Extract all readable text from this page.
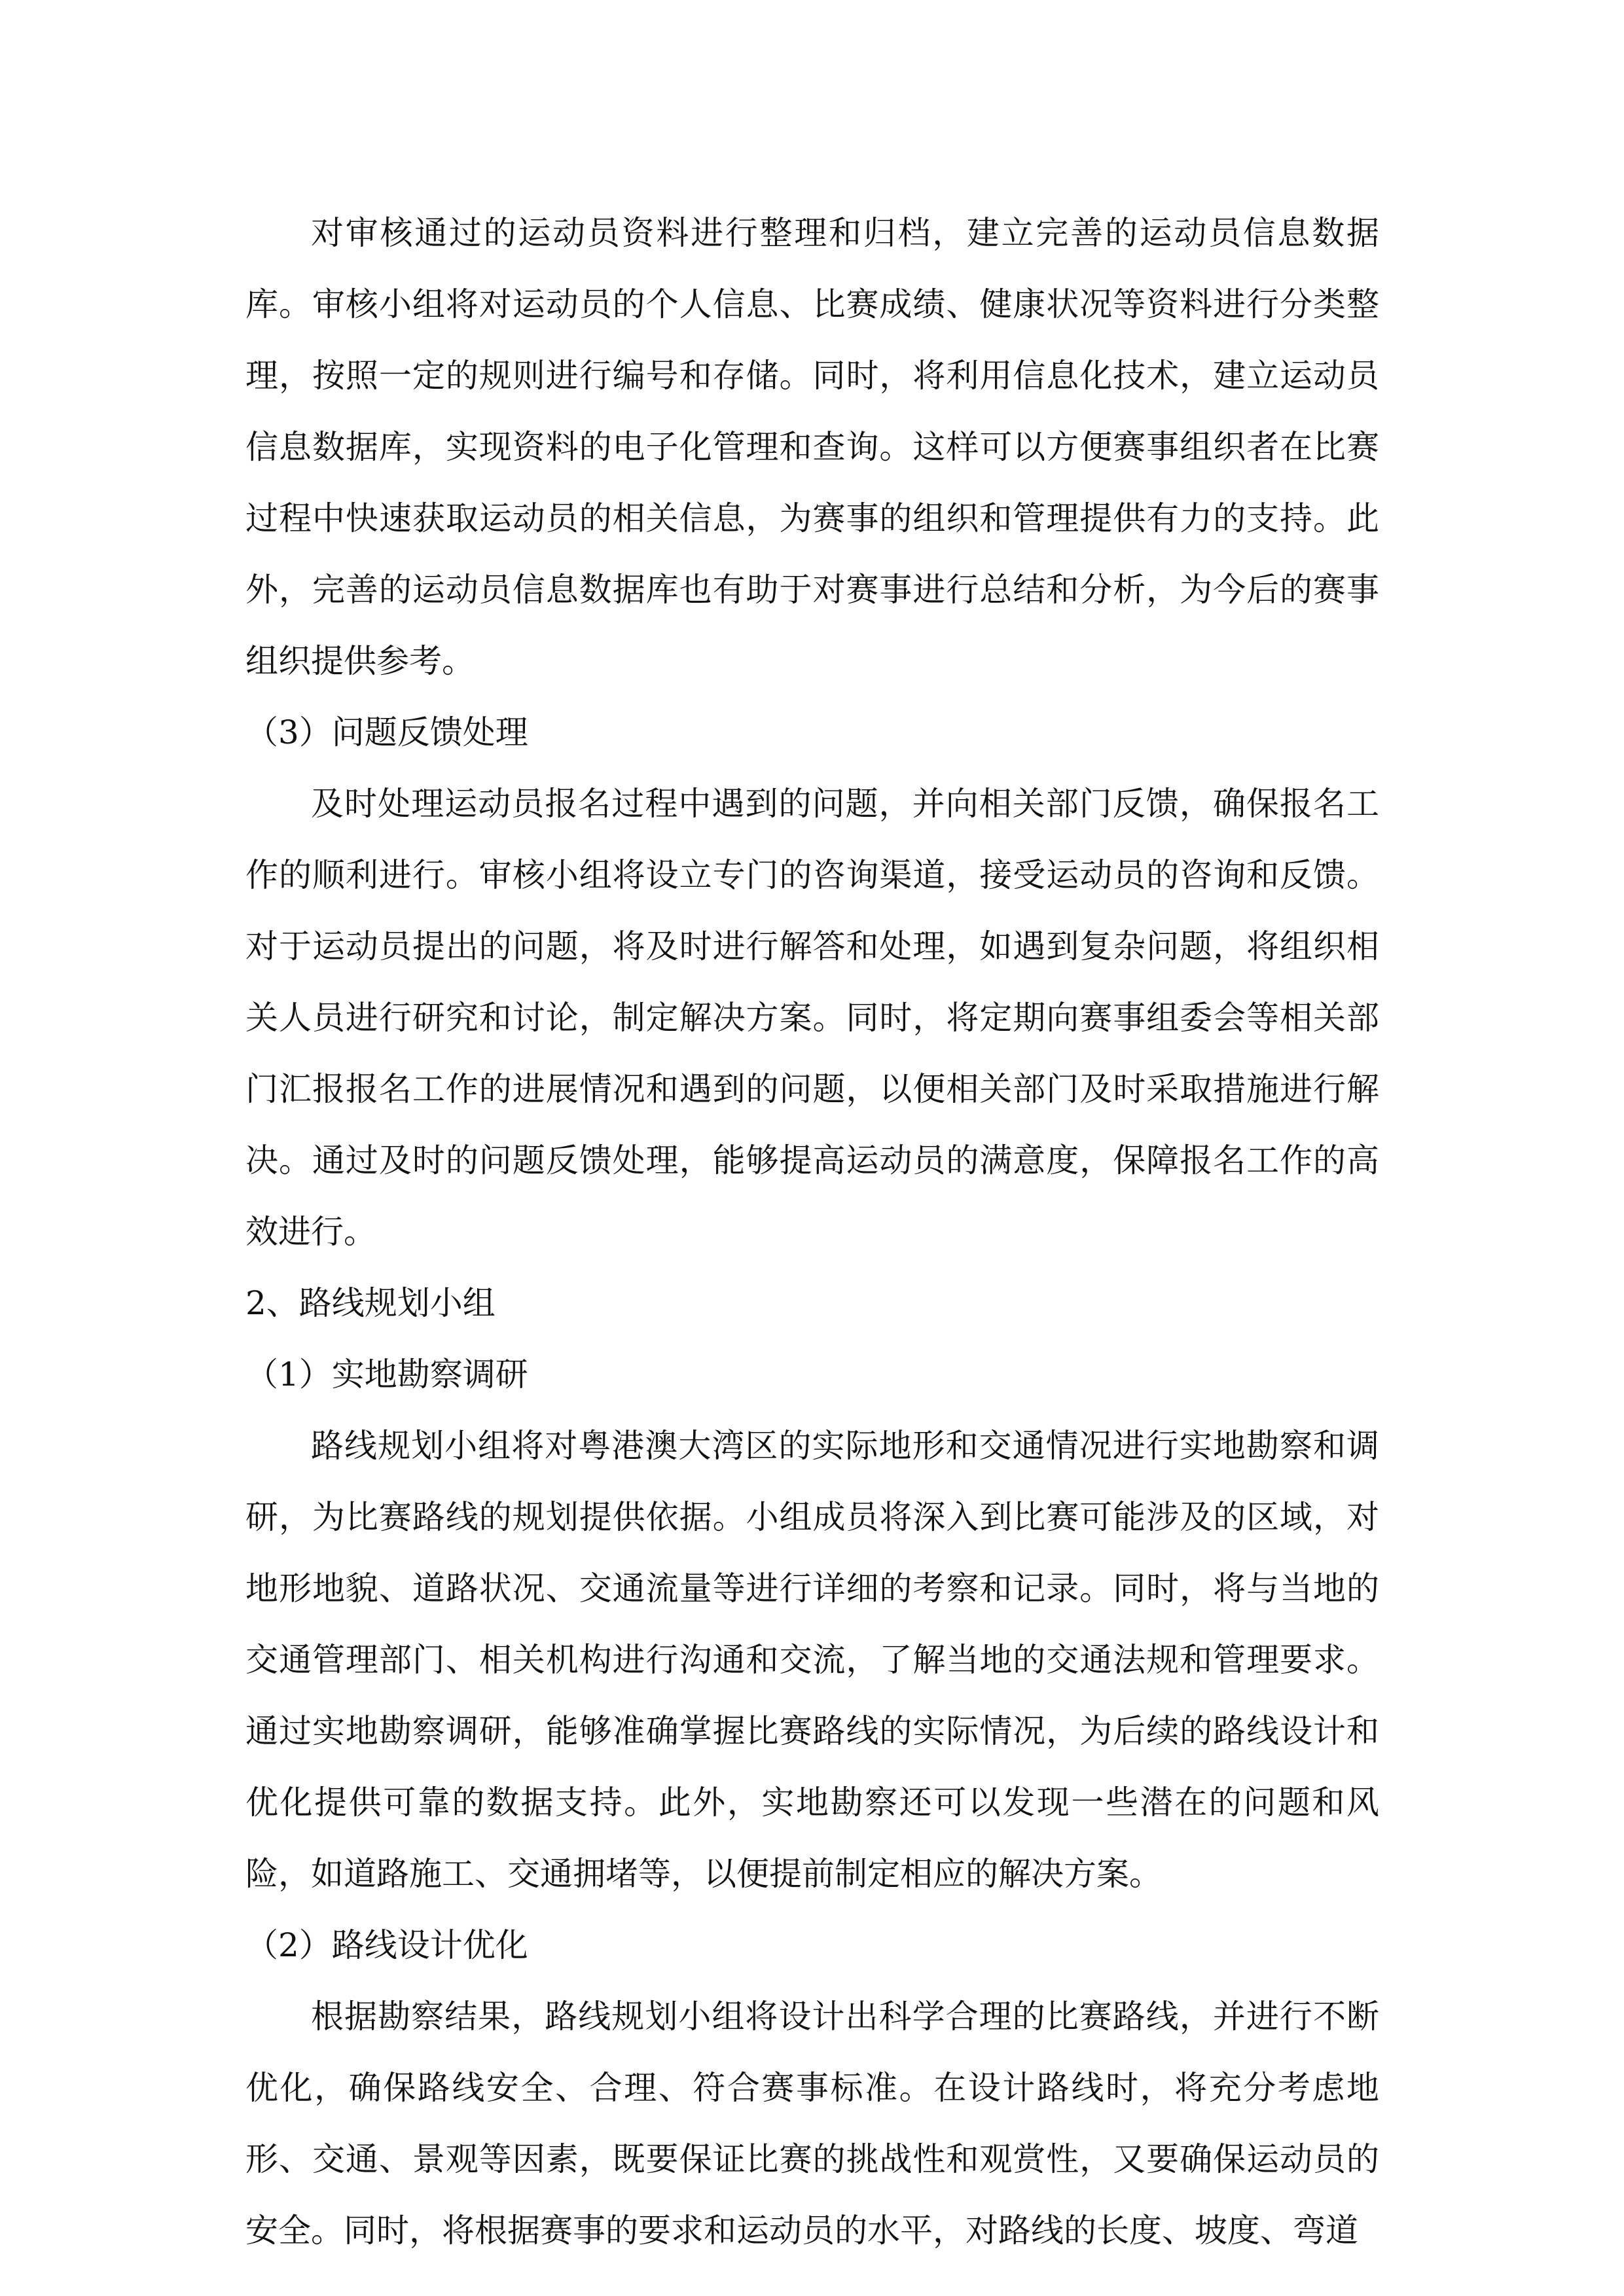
对审核通过的运动员资料进行整理和归档，建立完善的运动员信息数据库。审核小组将对运动员的个人信息、比赛成绩、健康状况等资料进行分类整理，按照一定的规则进行编号和存储。同时，将利用信息化技术，建立运动员信息数据库，实现资料的电子化管理和查询。这样可以方便赛事组织者在比赛过程中快速获取运动员的相关信息，为赛事的组织和管理提供有力的支持。此外，完善的运动员信息数据库也有助于对赛事进行总结和分析，为今后的赛事组织提供参考。

（3）问题反馈处理

及时处理运动员报名过程中遇到的问题，并向相关部门反馈，确保报名工作的顺利进行。审核小组将设立专门的咨询渠道，接受运动员的咨询和反馈。对于运动员提出的问题，将及时进行解答和处理，如遇到复杂问题，将组织相关人员进行研究和讨论，制定解决方案。同时，将定期向赛事组委会等相关部门汇报报名工作的进展情况和遇到的问题，以便相关部门及时采取措施进行解决。通过及时的问题反馈处理，能够提高运动员的满意度，保障报名工作的高效进行。

2、路线规划小组

（1）实地勘察调研

路线规划小组将对粤港澳大湾区的实际地形和交通情况进行实地勘察和调研，为比赛路线的规划提供依据。小组成员将深入到比赛可能涉及的区域，对地形地貌、道路状况、交通流量等进行详细的考察和记录。同时，将与当地的交通管理部门、相关机构进行沟通和交流，了解当地的交通法规和管理要求。通过实地勘察调研，能够准确掌握比赛路线的实际情况，为后续的路线设计和优化提供可靠的数据支持。此外，实地勘察还可以发现一些潜在的问题和风险，如道路施工、交通拥堵等，以便提前制定相应的解决方案。

（2）路线设计优化

根据勘察结果，路线规划小组将设计出科学合理的比赛路线，并进行不断优化，确保路线安全、合理、符合赛事标准。在设计路线时，将充分考虑地形、交通、景观等因素，既要保证比赛的挑战性和观赏性，又要确保运动员的安全。同时，将根据赛事的要求和运动员的水平，对路线的长度、坡度、弯道
